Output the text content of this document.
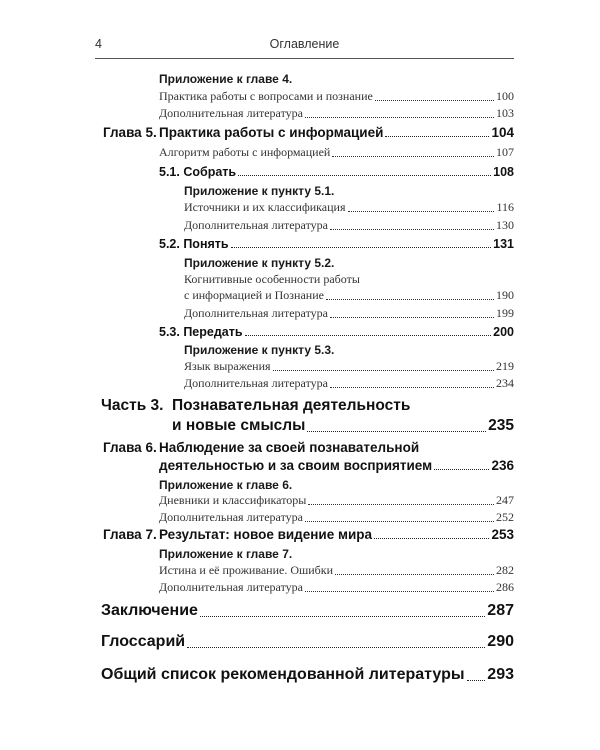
4	Оглавление
Приложение к главе 4.
Практика работы с вопросами и познание	100
Дополнительная литература	103
Глава 5. Практика работы с информацией	104
Алгоритм работы с информацией	107
5.1. Собрать	108
Приложение к пункту 5.1.
Источники и их классификация	116
Дополнительная литература	130
5.2. Понять	131
Приложение к пункту 5.2.
Когнитивные особенности работы
с информацией и Познание	190
Дополнительная литература	199
5.3. Передать	200
Приложение к пункту 5.3.
Язык выражения	219
Дополнительная литература	234
Часть 3. Познавательная деятельность
и новые смыслы	235
Глава 6. Наблюдение за своей познавательной
деятельностью и за своим восприятием	236
Приложение к главе 6.
Дневники и классификаторы	247
Дополнительная литература	252
Глава 7. Результат: новое видение мира	253
Приложение к главе 7.
Истина и её проживание. Ошибки	282
Дополнительная литература	286
Заключение	287
Глоссарий	290
Общий список рекомендованной литературы 293
